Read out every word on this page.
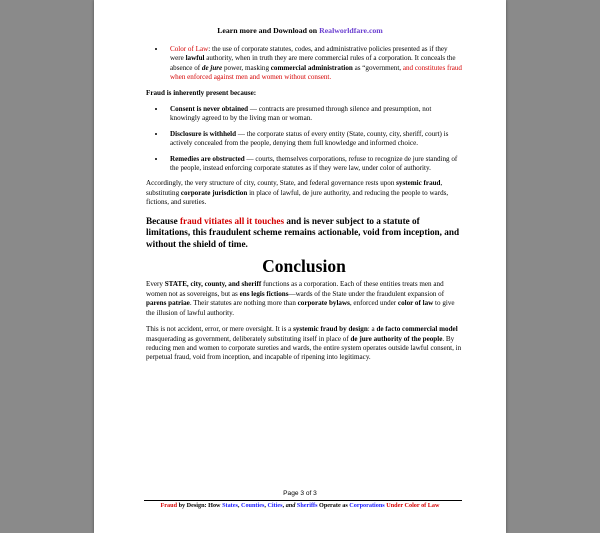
Learn more and Download on Realworldfare.com
• Color of Law: the use of corporate statutes, codes, and administrative policies presented as if they were lawful authority, when in truth they are mere commercial rules of a corporation. It conceals the absence of de jure power, masking commercial administration as “government, and constitutes fraud when enforced against men and women without consent.

Fraud is inherently present because:

• Consent is never obtained — contracts are presumed through silence and presumption, not knowingly agreed to by the living man or woman.
• Disclosure is withheld — the corporate status of every entity (State, county, city, sheriff, court) is actively concealed from the people, denying them full knowledge and informed choice.
• Remedies are obstructed — courts, themselves corporations, refuse to recognize de jure standing of the people, instead enforcing corporate statutes as if they were law, under color of authority.

Accordingly, the very structure of city, county, State, and federal governance rests upon systemic fraud, substituting corporate jurisdiction in place of lawful, de jure authority, and reducing the people to wards, fictions, and sureties.

Because fraud vitiates all it touches and is never subject to a statute of limitations, this fraudulent scheme remains actionable, void from inception, and without the shield of time.

Conclusion

Every STATE, city, county, and sheriff functions as a corporation. Each of these entities treats men and women not as sovereigns, but as ens legis fictions—wards of the State under the fraudulent expansion of parens patriae. Their statutes are nothing more than corporate bylaws, enforced under color of law to give the illusion of lawful authority.

This is not accident, error, or mere oversight. It is a systemic fraud by design: a de facto commercial model masquerading as government, deliberately substituting itself in place of de jure authority of the people. By reducing men and women to corporate sureties and wards, the entire system operates outside lawful consent, in perpetual fraud, void from inception, and incapable of ripening into legitimacy.

Page 3 of 3
Fraud by Design: How States, Counties, Cities, and Sheriffs Operate as Corporations Under Color of Law
